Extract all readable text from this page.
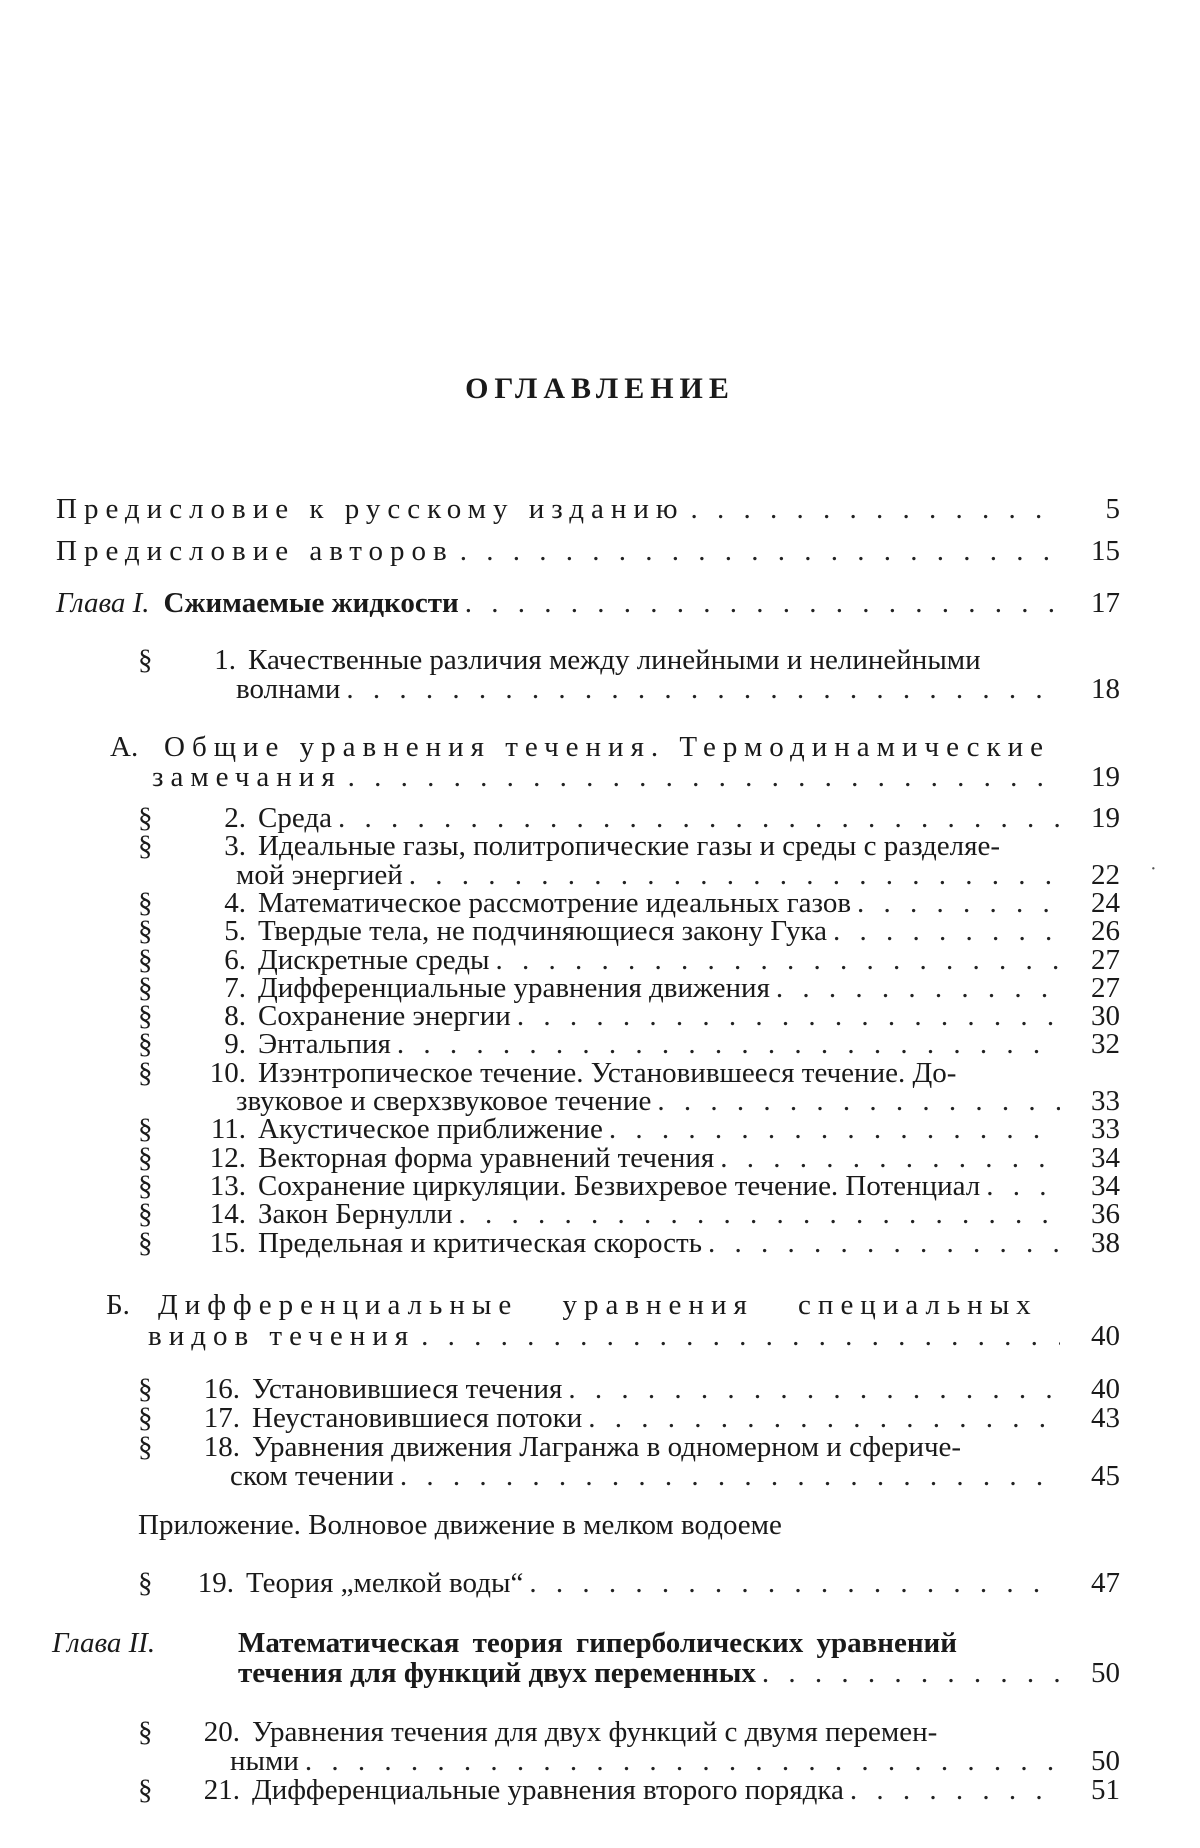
ОГЛАВЛЕНИЕ
Предисловие к русскому изданию . . .	5
Предисловие авторов . . .	15
Глава I. Сжимаемые жидкости . . .	17
§	1. Качественные различия между линейными и нелинейными
волнами . . .	18
А. Общие уравнения течения. Термодинамические
замечания . . .	19
§	2. Среда . . .	19
§	3. Идеальные газы, политропические газы и среды с разделяе-
мой энергией . . .	22
§	4. Математическое рассмотрение идеальных газов . . .	24
§	5. Твердые тела, не подчиняющиеся закону Гука . . .	26
§	6. Дискретные среды . . .	27
§	7. Дифференциальные уравнения движения . . .	27
§	8. Сохранение энергии . . .	30
§	9. Энтальпия . . .	32
§	10. Изэнтропическое течение. Установившееся течение. До-
звуковое и сверхзвуковое течение . . .	33
§	11. Акустическое приближение . . .	33
§	12. Векторная форма уравнений течения . . .	34
§	13. Сохранение циркуляции. Безвихревое течение. Потенциал . . .	34
§	14. Закон Бернулли . . .	36
§	15. Предельная и критическая скорость . . .	38
Б. Дифференциальные уравнения специальных
видов течения . . .	40
§	16. Установившиеся течения . . .	40
§	17. Неустановившиеся потоки . . .	43
§	18. Уравнения движения Лагранжа в одномерном и сфериче-
ском течении . . .	45
Приложение. Волновое движение в мелком водоеме
§	19. Теория „мелкой воды“ . . .	47
Глава II.	Математическая теория гиперболических уравнений
течения для функций двух переменных . . .	50
§	20. Уравнения течения для двух функций с двумя перемен-
ными . . .	50
§	21. Дифференциальные уравнения второго порядка . . .	51
·
